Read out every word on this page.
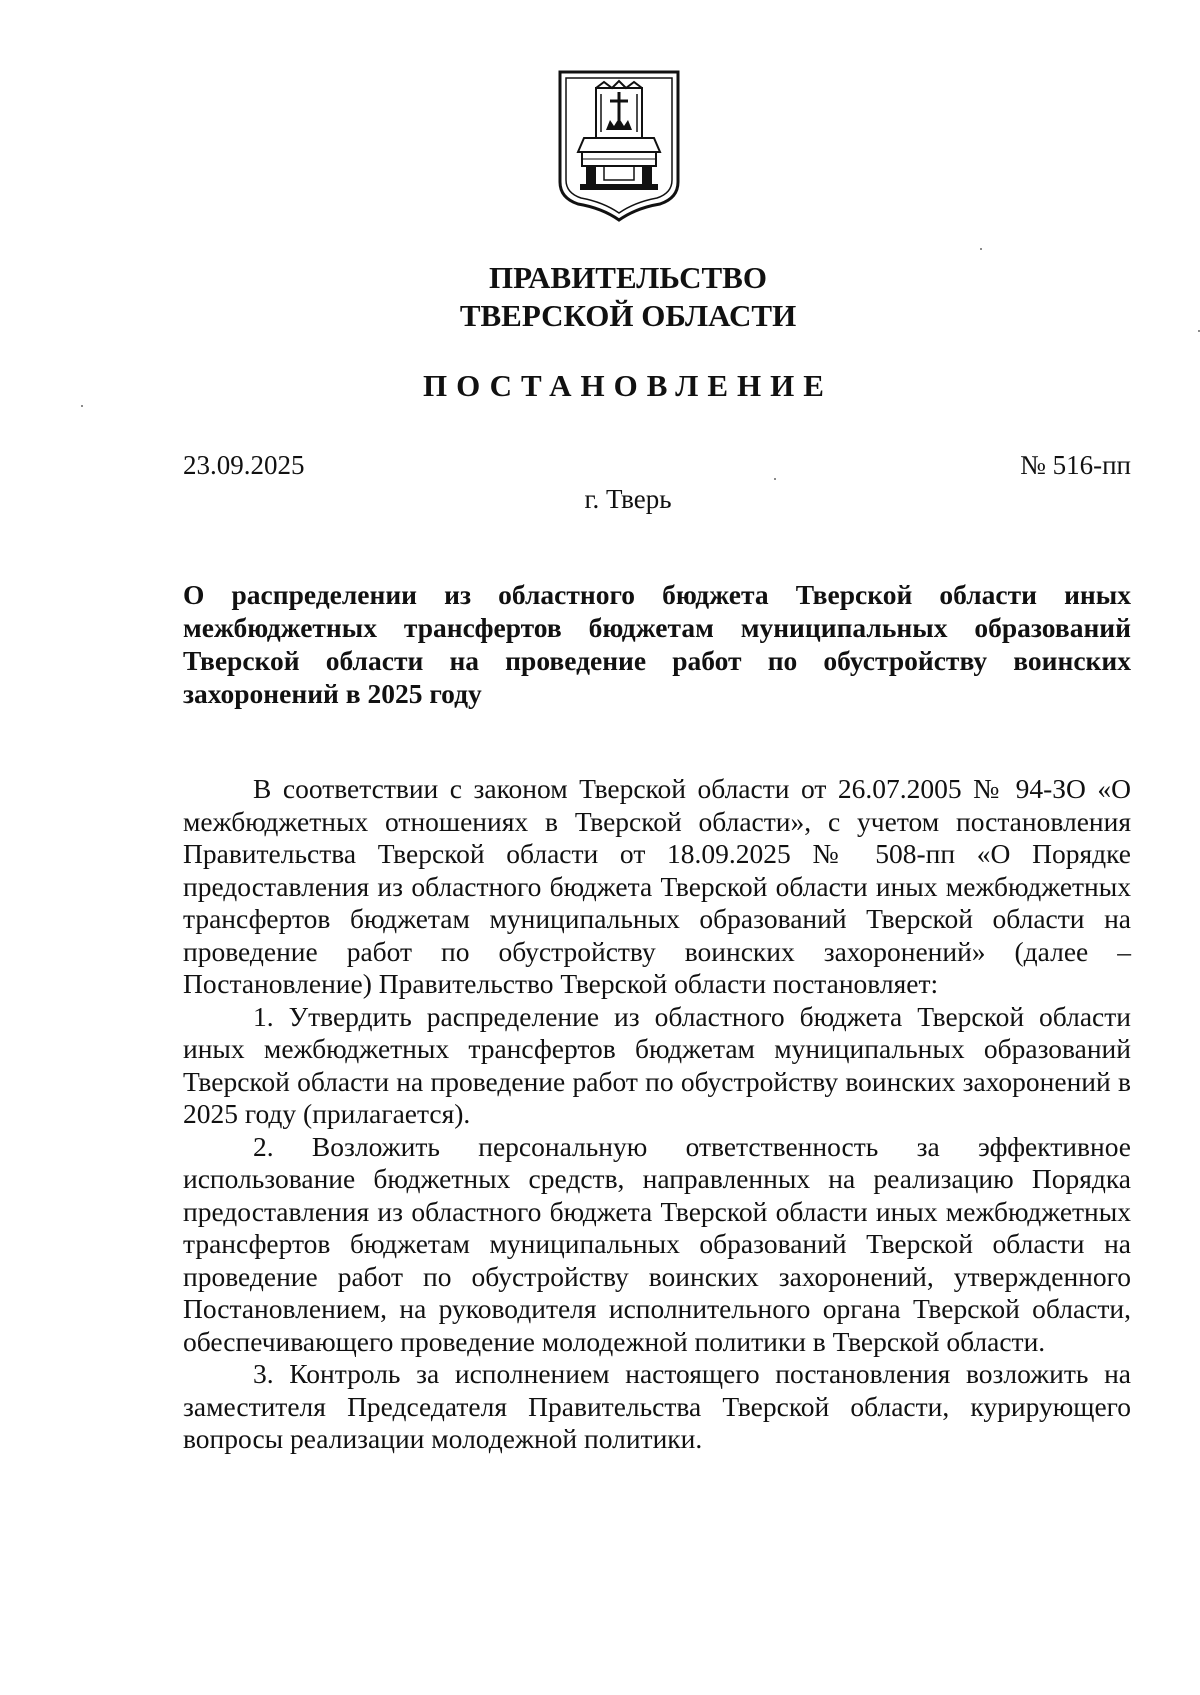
ПРАВИТЕЛЬСТВО
ТВЕРСКОЙ ОБЛАСТИ
ПОСТАНОВЛЕНИЕ
23.09.2025	№ 516-пп
г. Тверь

О распределении из областного бюджета Тверской области иных межбюджетных трансфертов бюджетам муниципальных образований Тверской области на проведение работ по обустройству воинских захоронений в 2025 году

В соответствии с законом Тверской области от 26.07.2005 № 94-ЗО «О межбюджетных отношениях в Тверской области», с учетом постановления Правительства Тверской области от 18.09.2025 № 508-пп «О Порядке предоставления из областного бюджета Тверской области иных межбюджетных трансфертов бюджетам муниципальных образований Тверской области на проведение работ по обустройству воинских захоронений» (далее – Постановление) Правительство Тверской области постановляет:

1. Утвердить распределение из областного бюджета Тверской области иных межбюджетных трансфертов бюджетам муниципальных образований Тверской области на проведение работ по обустройству воинских захоронений в 2025 году (прилагается).

2. Возложить персональную ответственность за эффективное использование бюджетных средств, направленных на реализацию Порядка предоставления из областного бюджета Тверской области иных межбюджетных трансфертов бюджетам муниципальных образований Тверской области на проведение работ по обустройству воинских захоронений, утвержденного Постановлением, на руководителя исполнительного органа Тверской области, обеспечивающего проведение молодежной политики в Тверской области.

3. Контроль за исполнением настоящего постановления возложить на заместителя Председателя Правительства Тверской области, курирующего вопросы реализации молодежной политики.
